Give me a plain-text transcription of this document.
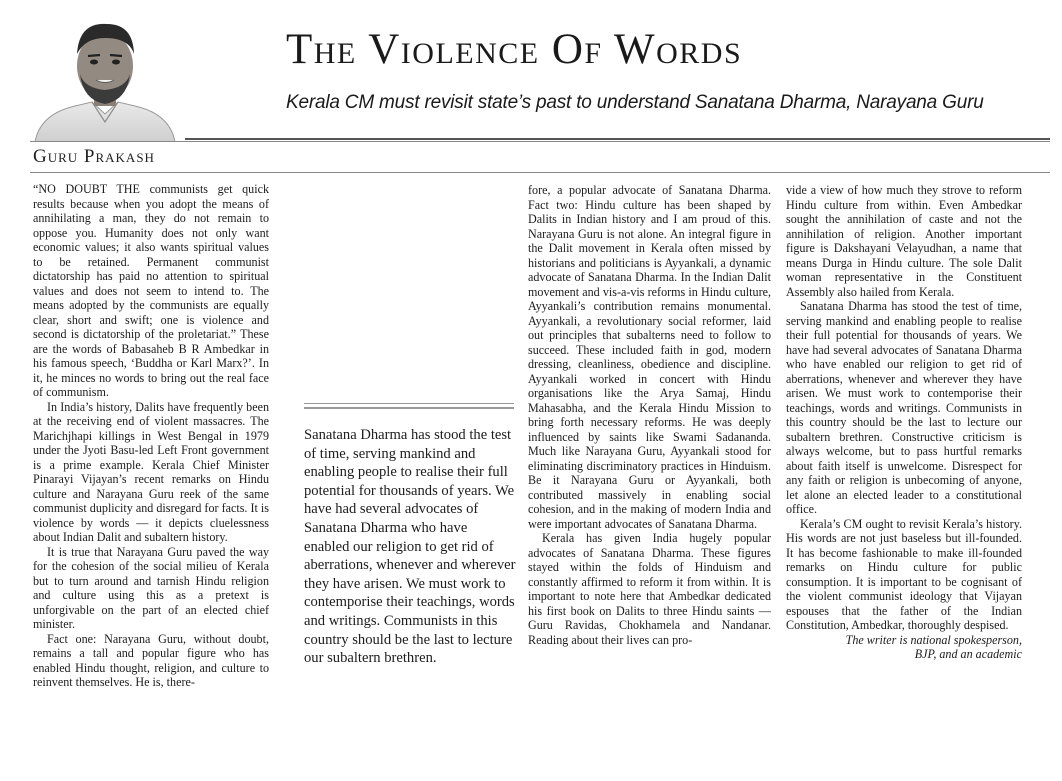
The Violence Of Words

Kerala CM must revisit state’s past to understand Sanatana Dharma, Narayana Guru

Guru Prakash

“NO DOUBT THE communists get quick results because when you adopt the means of annihilating a man, they do not remain to oppose you. Humanity does not only want economic values; it also wants spiritual values to be retained. Permanent communist dictatorship has paid no attention to spiritual values and does not seem to intend to. The means adopted by the communists are equally clear, short and swift; one is violence and second is dictatorship of the proletariat.” These are the words of Babasaheb B R Ambedkar in his famous speech, ‘Buddha or Karl Marx?’. In it, he minces no words to bring out the real face of communism.

In India’s history, Dalits have frequently been at the receiving end of violent massacres. The Marichjhapi killings in West Bengal in 1979 under the Jyoti Basu-led Left Front government is a prime example. Kerala Chief Minister Pinarayi Vijayan’s recent remarks on Hindu culture and Narayana Guru reek of the same communist duplicity and disregard for facts. It is violence by words — it depicts cluelessness about Indian Dalit and subaltern history.

It is true that Narayana Guru paved the way for the cohesion of the social milieu of Kerala but to turn around and tarnish Hindu religion and culture using this as a pretext is unforgivable on the part of an elected chief minister.

Fact one: Narayana Guru, without doubt, remains a tall and popular figure who has enabled Hindu thought, religion, and culture to reinvent themselves. He is, there-

Sanatana Dharma has stood the test of time, serving mankind and enabling people to realise their full potential for thousands of years. We have had several advocates of Sanatana Dharma who have enabled our religion to get rid of aberrations, whenever and wherever they have arisen. We must work to contemporise their teachings, words and writings. Communists in this country should be the last to lecture our subaltern brethren.

fore, a popular advocate of Sanatana Dharma. Fact two: Hindu culture has been shaped by Dalits in Indian history and I am proud of this. Narayana Guru is not alone. An integral figure in the Dalit movement in Kerala often missed by historians and politicians is Ayyankali, a dynamic advocate of Sanatana Dharma. In the Indian Dalit movement and vis-a-vis reforms in Hindu culture, Ayyankali’s contribution remains monumental. Ayyankali, a revolutionary social reformer, laid out principles that subalterns need to follow to succeed. These included faith in god, modern dressing, cleanliness, obedience and discipline. Ayyankali worked in concert with Hindu organisations like the Arya Samaj, Hindu Mahasabha, and the Kerala Hindu Mission to bring forth necessary reforms. He was deeply influenced by saints like Swami Sadananda. Much like Narayana Guru, Ayyankali stood for eliminating discriminatory practices in Hinduism. Be it Narayana Guru or Ayyankali, both contributed massively in enabling social cohesion, and in the making of modern India and were important advocates of Sanatana Dharma.

Kerala has given India hugely popular advocates of Sanatana Dharma. These figures stayed within the folds of Hinduism and constantly affirmed to reform it from within. It is important to note here that Ambedkar dedicated his first book on Dalits to three Hindu saints — Guru Ravidas, Chokhamela and Nandanar. Reading about their lives can pro-

vide a view of how much they strove to reform Hindu culture from within. Even Ambedkar sought the annihilation of caste and not the annihilation of religion. Another important figure is Dakshayani Velayudhan, a name that means Durga in Hindu culture. The sole Dalit woman representative in the Constituent Assembly also hailed from Kerala.

Sanatana Dharma has stood the test of time, serving mankind and enabling people to realise their full potential for thousands of years. We have had several advocates of Sanatana Dharma who have enabled our religion to get rid of aberrations, whenever and wherever they have arisen. We must work to contemporise their teachings, words and writings. Communists in this country should be the last to lecture our subaltern brethren. Constructive criticism is always welcome, but to pass hurtful remarks about faith itself is unwelcome. Disrespect for any faith or religion is unbecoming of anyone, let alone an elected leader to a constitutional office.

Kerala’s CM ought to revisit Kerala’s history. His words are not just baseless but ill-founded. It has become fashionable to make ill-founded remarks on Hindu culture for public consumption. It is important to be cognisant of the violent communist ideology that Vijayan espouses that the father of the Indian Constitution, Ambedkar, thoroughly despised.

The writer is national spokesperson,
BJP, and an academic
